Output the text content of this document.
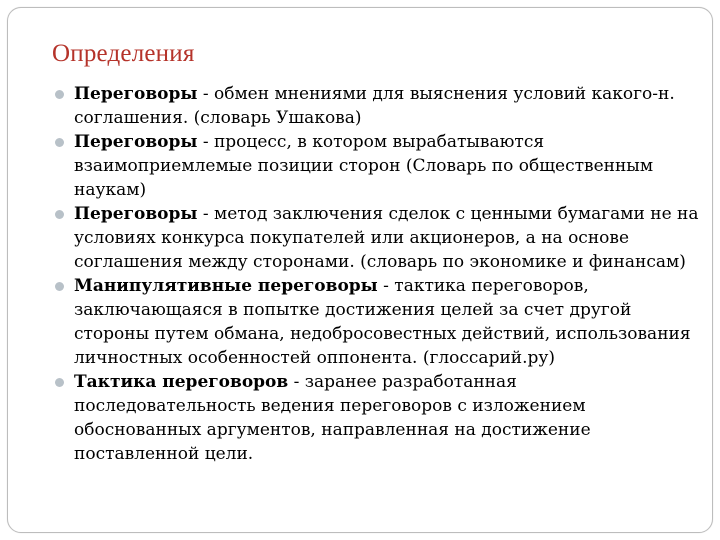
Определения
Переговоры - обмен мнениями для выяснения условий какого-н. соглашения. (словарь Ушакова)
Переговоры - процесс, в котором вырабатываются взаимоприемлемые позиции сторон (Словарь по общественным наукам)
Переговоры - метод заключения сделок с ценными бумагами не на условиях конкурса покупателей или акционеров, а на основе соглашения между сторонами. (словарь по экономике и финансам)
Манипулятивные переговоры - тактика переговоров, заключающаяся в попытке достижения целей за счет другой стороны путем обмана, недобросовестных действий, использования личностных особенностей оппонента. (глоссарий.ру)
Тактика переговоров - заранее разработанная последовательность ведения переговоров с изложением обоснованных аргументов, направленная на достижение поставленной цели.
